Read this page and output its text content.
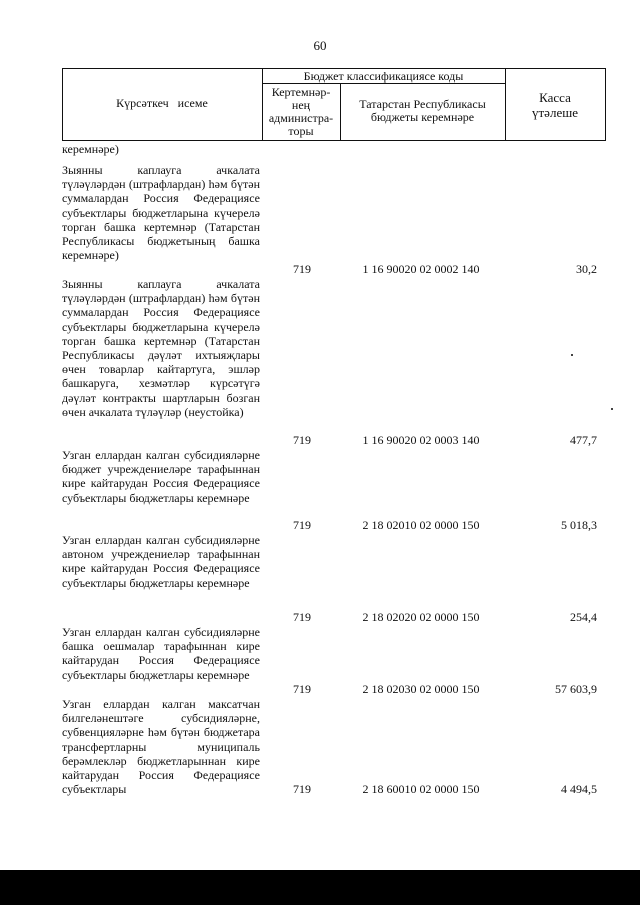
60
Күрсәткеч исеме
Бюджет классификациясе коды
Кертемнәр-
нең
администра-
торы
Татарстан Республикасы
бюджеты керемнәре
Касса
үтәлеше
керемнәре)
Зыянны каплауга ачкалата түләүләрдән (штрафлардан) һәм бүтән суммалардан Россия Федерациясе субъектлары бюджетларына күчерелә торган башка кертемнәр (Татарстан Республикасы бюджетының башка керемнәре)
719	1 16 90020 02 0002 140	30,2
Зыянны каплауга ачкалата түләүләрдән (штрафлардан) һәм бүтән суммалардан Россия Федерациясе субъектлары бюджетларына күчерелә торган башка кертемнәр (Татарстан Республикасы дәүләт ихтыяҗлары өчен товарлар кайтартуга, эшләр башкаруга, хезмәтләр күрсәтүгә дәүләт контракты шартларын бозган өчен ачкалата түләүләр (неустойка)
719	1 16 90020 02 0003 140	477,7
Узган еллардан калган субсидияләрне бюджет учреждениеләре тарафыннан кире кайтарудан Россия Федерациясе субъектлары бюджетлары керемнәре
719	2 18 02010 02 0000 150	5 018,3
Узган еллардан калган субсидияләрне автоном учреждениеләр тарафыннан кире кайтарудан Россия Федерациясе субъектлары бюджетлары керемнәре
719	2 18 02020 02 0000 150	254,4
Узган еллардан калган субсидияләрне башка оешмалар тарафыннан кире кайтарудан Россия Федерациясе субъектлары бюджетлары керемнәре
719	2 18 02030 02 0000 150	57 603,9
Узган еллардан калган максатчан билгеләнештәге субсидияләрне, субвенцияләрне һәм бүтән бюджетара трансфертларны муниципаль берәмлекләр бюджетларыннан кире кайтарудан Россия Федерациясе субъектлары	719	2 18 60010 02 0000 150	4 494,5
